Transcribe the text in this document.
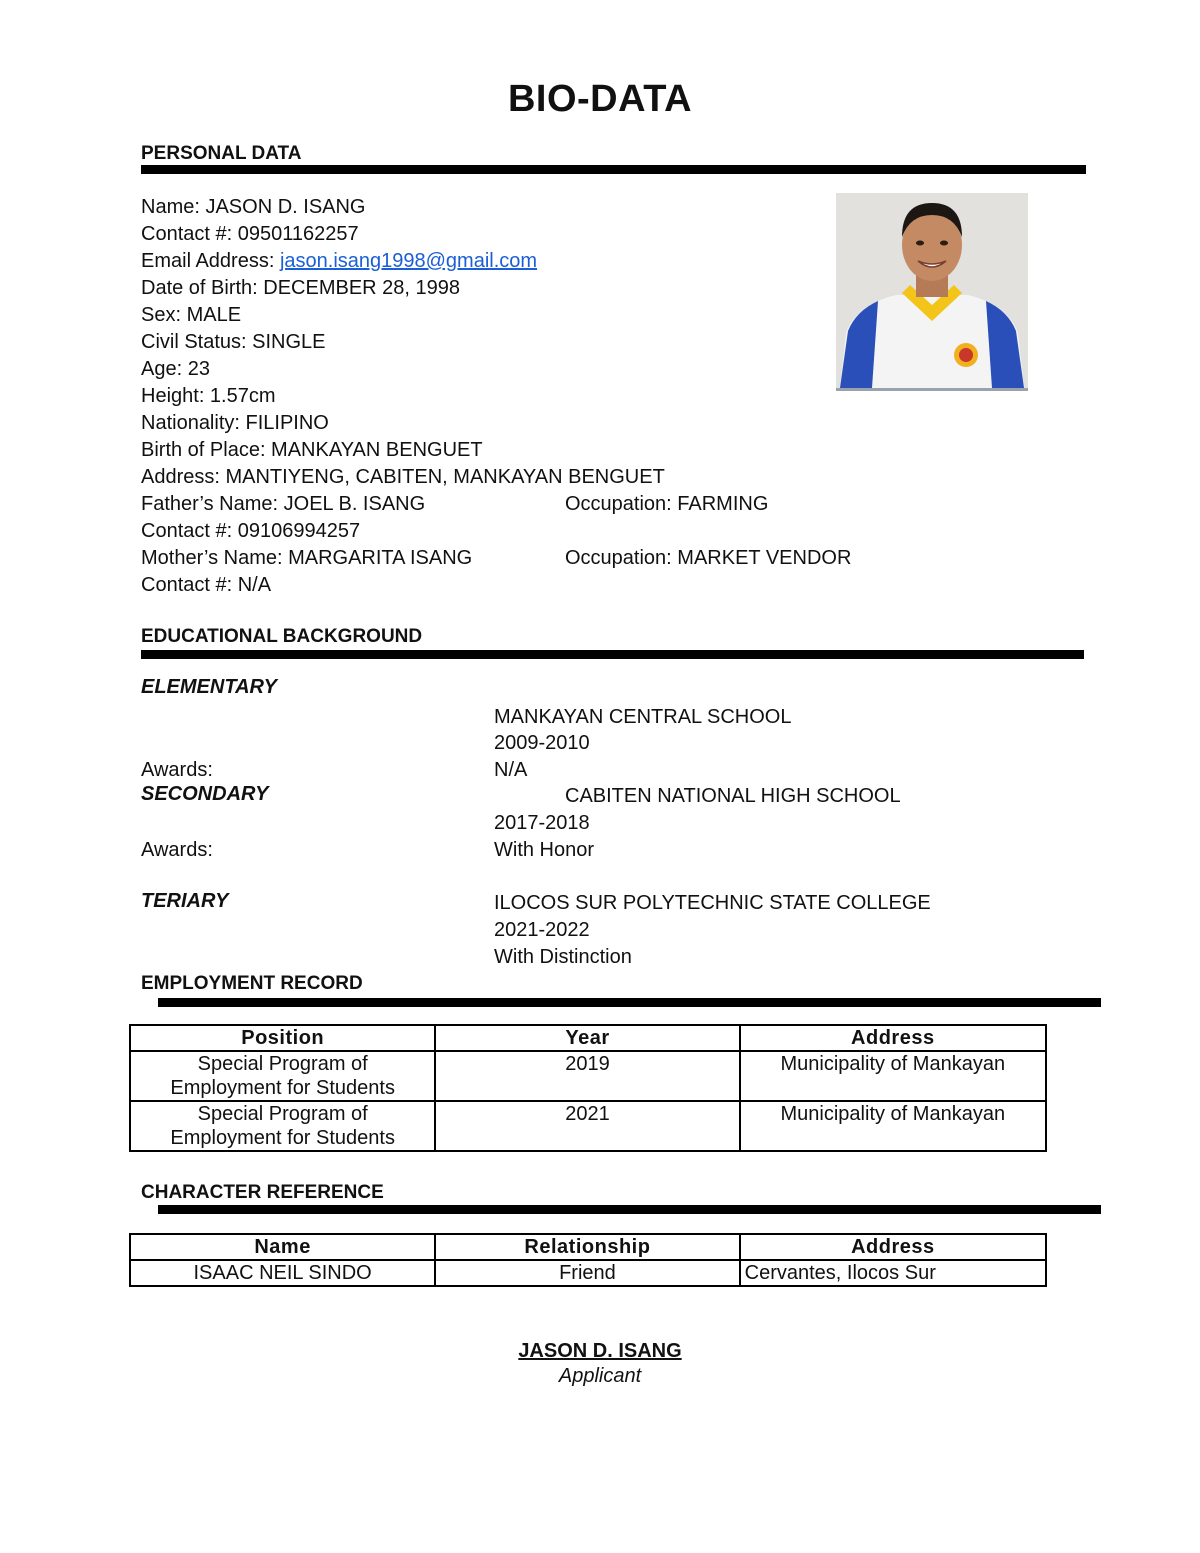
BIO-DATA
PERSONAL DATA
Name: JASON D. ISANG
Contact #: 09501162257
Email Address: jason.isang1998@gmail.com
Date of Birth: DECEMBER 28, 1998
Sex: MALE
Civil Status: SINGLE
Age: 23
Height: 1.57cm
Nationality: FILIPINO
Birth of Place: MANKAYAN BENGUET
Address: MANTIYENG, CABITEN, MANKAYAN BENGUET
Father’s Name: JOEL B. ISANG	Occupation: FARMING
Contact #: 09106994257
Mother’s Name: MARGARITA ISANG	Occupation: MARKET VENDOR
Contact #: N/A
EDUCATIONAL BACKGROUND
ELEMENTARY
MANKAYAN CENTRAL SCHOOL
2009-2010
Awards:	N/A
SECONDARY	CABITEN NATIONAL HIGH SCHOOL
2017-2018
Awards:	With Honor
TERIARY	ILOCOS SUR POLYTECHNIC STATE COLLEGE
2021-2022
With Distinction
EMPLOYMENT RECORD
Position	Year	Address

Special Program of
Employment for Students	2019	Municipality of Mankayan

Special Program of
Employment for Students	2021	Municipality of Mankayan
CHARACTER REFERENCE
Name	Relationship	Address
ISAAC NEIL SINDO	Friend	Cervantes, Ilocos Sur
JASON D. ISANG
Applicant
